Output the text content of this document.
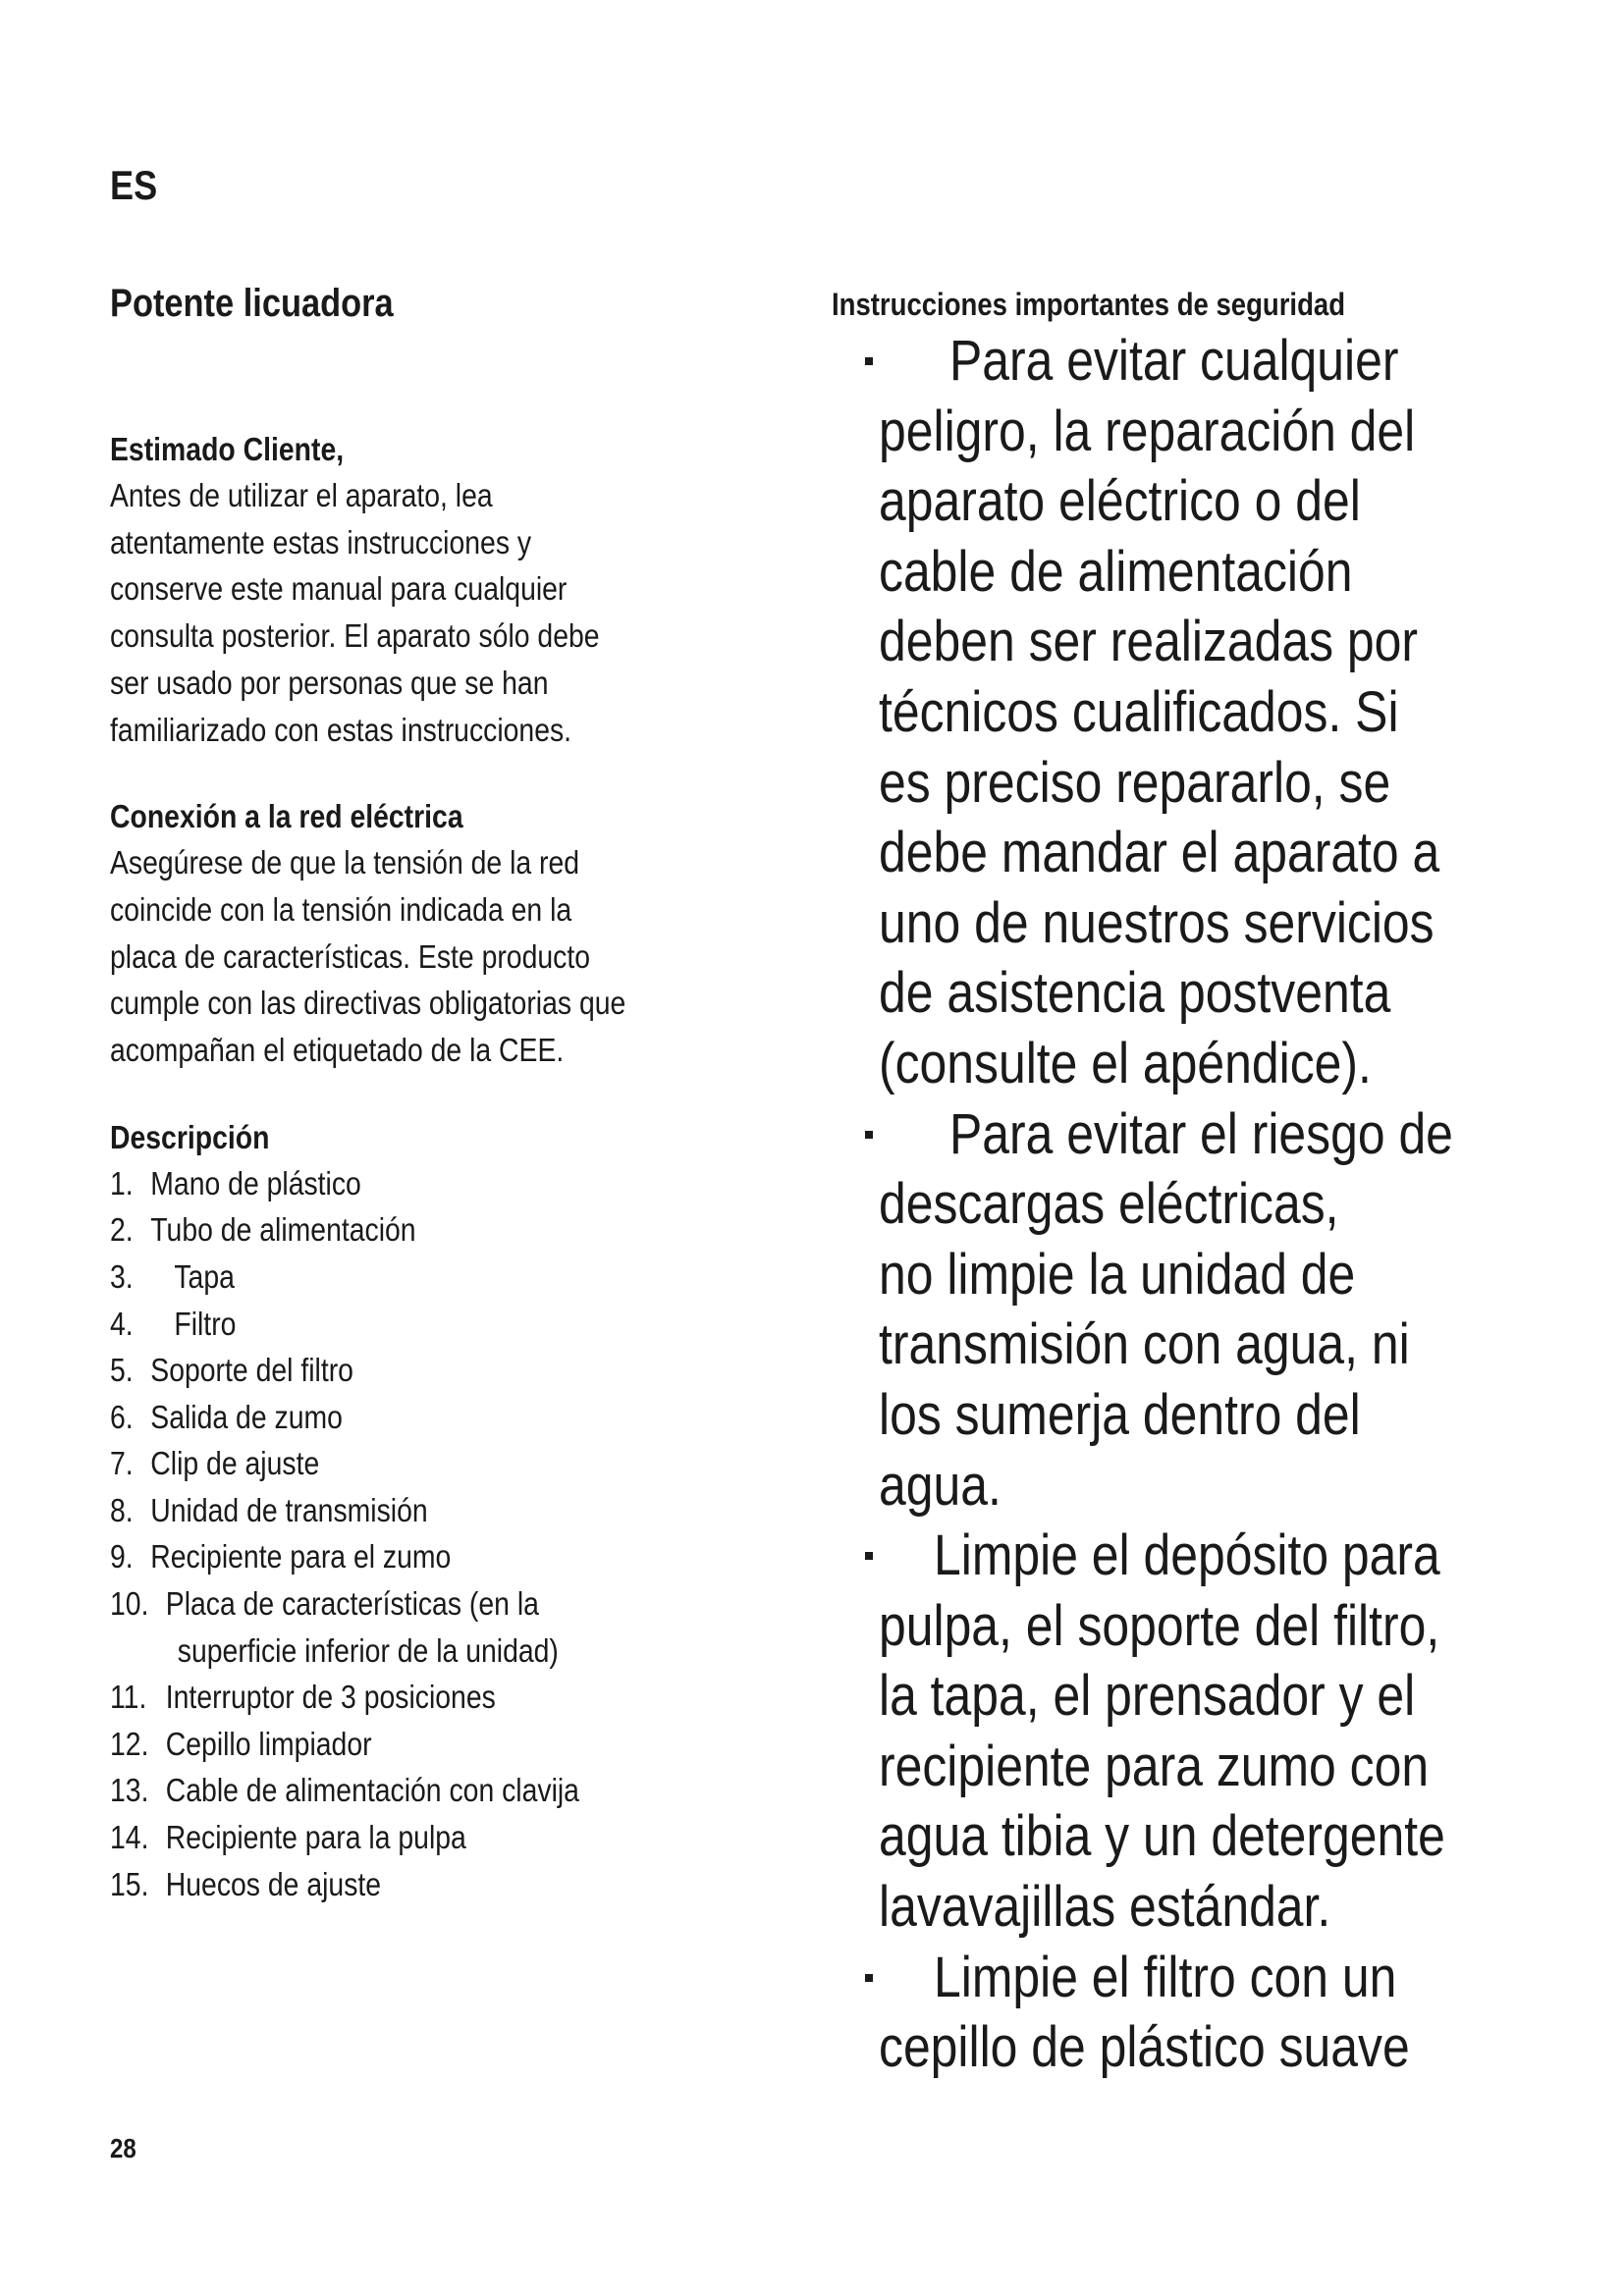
ES
Potente licuadora
Estimado Cliente,
Antes de utilizar el aparato, lea
atentamente estas instrucciones y
conserve este manual para cualquier
consulta posterior. El aparato sólo debe
ser usado por personas que se han
familiarizado con estas instrucciones.
Conexión a la red eléctrica
Asegúrese de que la tensión de la red
coincide con la tensión indicada en la
placa de características. Este producto
cumple con las directivas obligatorias que
acompañan el etiquetado de la CEE.
Descripción
1. Mano de plástico
2. Tubo de alimentación
3. Tapa
4. Filtro
5. Soporte del filtro
6. Salida de zumo
7. Clip de ajuste
8. Unidad de transmisión
9. Recipiente para el zumo
10. Placa de características (en la
superficie inferior de la unidad)
11. Interruptor de 3 posiciones
12. Cepillo limpiador
13. Cable de alimentación con clavija
14. Recipiente para la pulpa
15. Huecos de ajuste
Instrucciones importantes de seguridad
Para evitar cualquier
peligro, la reparación del
aparato eléctrico o del
cable de alimentación
deben ser realizadas por
técnicos cualificados. Si
es preciso repararlo, se
debe mandar el aparato a
uno de nuestros servicios
de asistencia postventa
(consulte el apéndice).
Para evitar el riesgo de
descargas eléctricas,
no limpie la unidad de
transmisión con agua, ni
los sumerja dentro del
agua.
Limpie el depósito para
pulpa, el soporte del filtro,
la tapa, el prensador y el
recipiente para zumo con
agua tibia y un detergente
lavavajillas estándar.
Limpie el filtro con un
cepillo de plástico suave
28
